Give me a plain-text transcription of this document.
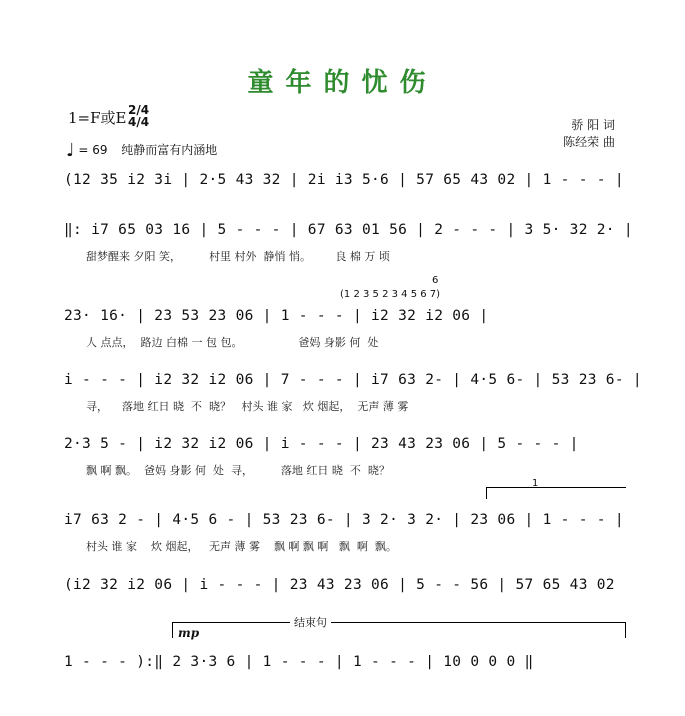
童年的忧伤
1=F或E 2/4
4/4
♩ = 69 纯静而富有内涵地
骄 阳 词
陈经荣 曲
(12 35 i2 3i | 2·5 43 32 | 2i i3 5·6 | 57 65 43 02 | 1 - - - |
‖: i7 65 03 16 | 5 - - - | 67 63 01 56 | 2 - - - | 3 5· 32 2· |
甜梦醒来 夕阳 笑，        村里 村外  静悄 悄。       良 棉 万 顷
(1 2 3 5 2 3 4 5 6 7)
6
23· 16· | 23 53 23 06 | 1 - - - | i2 32 i2 06 |
人 点点，  路边 白棉 一 包 包。                爸妈 身影 何  处
i - - - | i2 32 i2 06 | 7 - - - | i7 63 2- | 4·5 6- | 53 23 6- |
寻，    落地 红日 晓  不  晓？   村头 谁 家   炊 烟起，  无声 薄 雾
2·3 5 - | i2 32 i2 06 | i - - - | 23 43 23 06 | 5 - - - |
飘 啊 飘。  爸妈 身影 何  处  寻，        落地 红日 晓  不  晓？
1
i7 63 2 - | 4·5 6 - | 53 23 6- | 3 2· 3 2· | 23 06 | 1 - - - |
村头 谁 家    炊 烟起，   无声 薄 雾    飘 啊 飘 啊   飘  啊  飘。
(i2 32 i2 06 | i - - - | 23 43 23 06 | 5 - - 56 | 57 65 43 02
结束句
mp
1 - - - ):‖ 2 3·3 6 | 1 - - - | 1 - - - | 10 0 0 0 ‖
